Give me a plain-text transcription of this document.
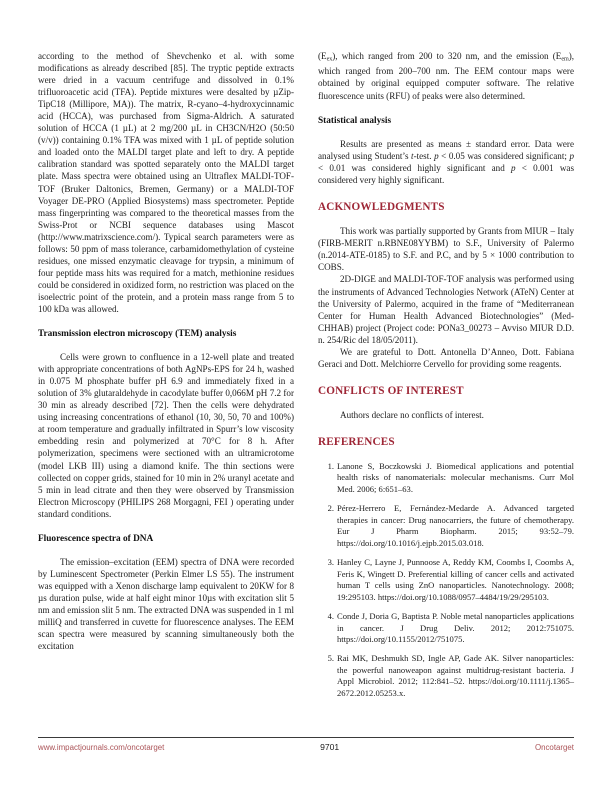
according to the method of Shevchenko et al. with some modifications as already described [85]. The tryptic peptide extracts were dried in a vacuum centrifuge and dissolved in 0.1% trifluoroacetic acid (TFA). Peptide mixtures were desalted by µZip-TipC18 (Millipore, MA)). The matrix, R-cyano–4-hydroxycinnamic acid (HCCA), was purchased from Sigma-Aldrich. A saturated solution of HCCA (1 µL) at 2 mg/200 µL in CH3CN/H2O (50:50 (v/v)) containing 0.1% TFA was mixed with 1 µL of peptide solution and loaded onto the MALDI target plate and left to dry. A peptide calibration standard was spotted separately onto the MALDI target plate. Mass spectra were obtained using an Ultraflex MALDI-TOF-TOF (Bruker Daltonics, Bremen, Germany) or a MALDI-TOF Voyager DE-PRO (Applied Biosystems) mass spectrometer. Peptide mass fingerprinting was compared to the theoretical masses from the Swiss-Prot or NCBI sequence databases using Mascot (http://www.matrixscience.com/). Typical search parameters were as follows: 50 ppm of mass tolerance, carbamidomethylation of cysteine residues, one missed enzymatic cleavage for trypsin, a minimum of four peptide mass hits was required for a match, methionine residues could be considered in oxidized form, no restriction was placed on the isoelectric point of the protein, and a protein mass range from 5 to 100 kDa was allowed.

Transmission electron microscopy (TEM) analysis

Cells were grown to confluence in a 12-well plate and treated with appropriate concentrations of both AgNPs-EPS for 24 h, washed in 0.075 M phosphate buffer pH 6.9 and immediately fixed in a solution of 3% glutaraldehyde in cacodylate buffer 0,066M pH 7.2 for 30 min as already described [72]. Then the cells were dehydrated using increasing concentrations of ethanol (10, 30, 50, 70 and 100%) at room temperature and gradually infiltrated in Spurr’s low viscosity embedding resin and polymerized at 70°C for 8 h. After polymerization, specimens were sectioned with an ultramicrotome (model LKB III) using a diamond knife. The thin sections were collected on copper grids, stained for 10 min in 2% uranyl acetate and 5 min in lead citrate and then they were observed by Transmission Electron Microscopy (PHILIPS 268 Morgagni, FEI ) operating under standard conditions.

Fluorescence spectra of DNA

The emission–excitation (EEM) spectra of DNA were recorded by Luminescent Spectrometer (Perkin Elmer LS 55). The instrument was equipped with a Xenon discharge lamp equivalent to 20KW for 8 µs duration pulse, wide at half eight minor 10µs with excitation slit 5 nm and emission slit 5 nm. The extracted DNA was suspended in 1 ml milliQ and transferred in cuvette for fluorescence analyses. The EEM scan spectra were measured by scanning simultaneously both the excitation

$(E_{ex})$, which ranged from 200 to 320 nm, and the emission $(E_{em})$, which ranged from 200–700 nm. The EEM contour maps were obtained by original equipped computer software. The relative fluorescence units (RFU) of peaks were also determined.

Statistical analysis

Results are presented as means ± standard error. Data were analysed using Student’s t-test. p < 0.05 was considered significant; p < 0.01 was considered highly significant and p < 0.001 was considered very highly significant.

ACKNOWLEDGMENTS

This work was partially supported by Grants from MIUR – Italy (FIRB-MERIT n.RBNE08YYBM) to S.F., University of Palermo (n.2014-ATE-0185) to S.F. and P.C, and by 5 × 1000 contribution to COBS.

2D-DIGE and MALDI-TOF-TOF analysis was performed using the instruments of Advanced Technologies Network (ATeN) Center at the University of Palermo, acquired in the frame of “Mediterranean Center for Human Health Advanced Biotechnologies” (Med-CHHAB) project (Project code: PONa3_00273 – Avviso MIUR D.D. n. 254/Ric del 18/05/2011).

We are grateful to Dott. Antonella D’Anneo, Dott. Fabiana Geraci and Dott. Melchiorre Cervello for providing some reagents.

CONFLICTS OF INTEREST

Authors declare no conflicts of interest.

REFERENCES
1. Lanone S, Boczkowski J. Biomedical applications and potential health risks of nanomaterials: molecular mechanisms. Curr Mol Med. 2006; 6:651–63.
2. Pérez-Herrero E, Fernández-Medarde A. Advanced targeted therapies in cancer: Drug nanocarriers, the future of chemotherapy. Eur J Pharm Biopharm. 2015; 93:52–79. https://doi.org/10.1016/j.ejpb.2015.03.018.
3. Hanley C, Layne J, Punnoose A, Reddy KM, Coombs I, Coombs A, Feris K, Wingett D. Preferential killing of cancer cells and activated human T cells using ZnO nanoparticles. Nanotechnology. 2008; 19:295103. https://doi.org/10.1088/0957–4484/19/29/295103.
4. Conde J, Doria G, Baptista P. Noble metal nanoparticles applications in cancer. J Drug Deliv. 2012; 2012:751075. https://doi.org/10.1155/2012/751075.
5. Rai MK, Deshmukh SD, Ingle AP, Gade AK. Silver nanoparticles: the powerful nanoweapon against multidrug-resistant bacteria. J Appl Microbiol. 2012; 112:841–52. https://doi.org/10.1111/j.1365–2672.2012.05253.x.
www.impactjournals.com/oncotarget	9701	Oncotarget
